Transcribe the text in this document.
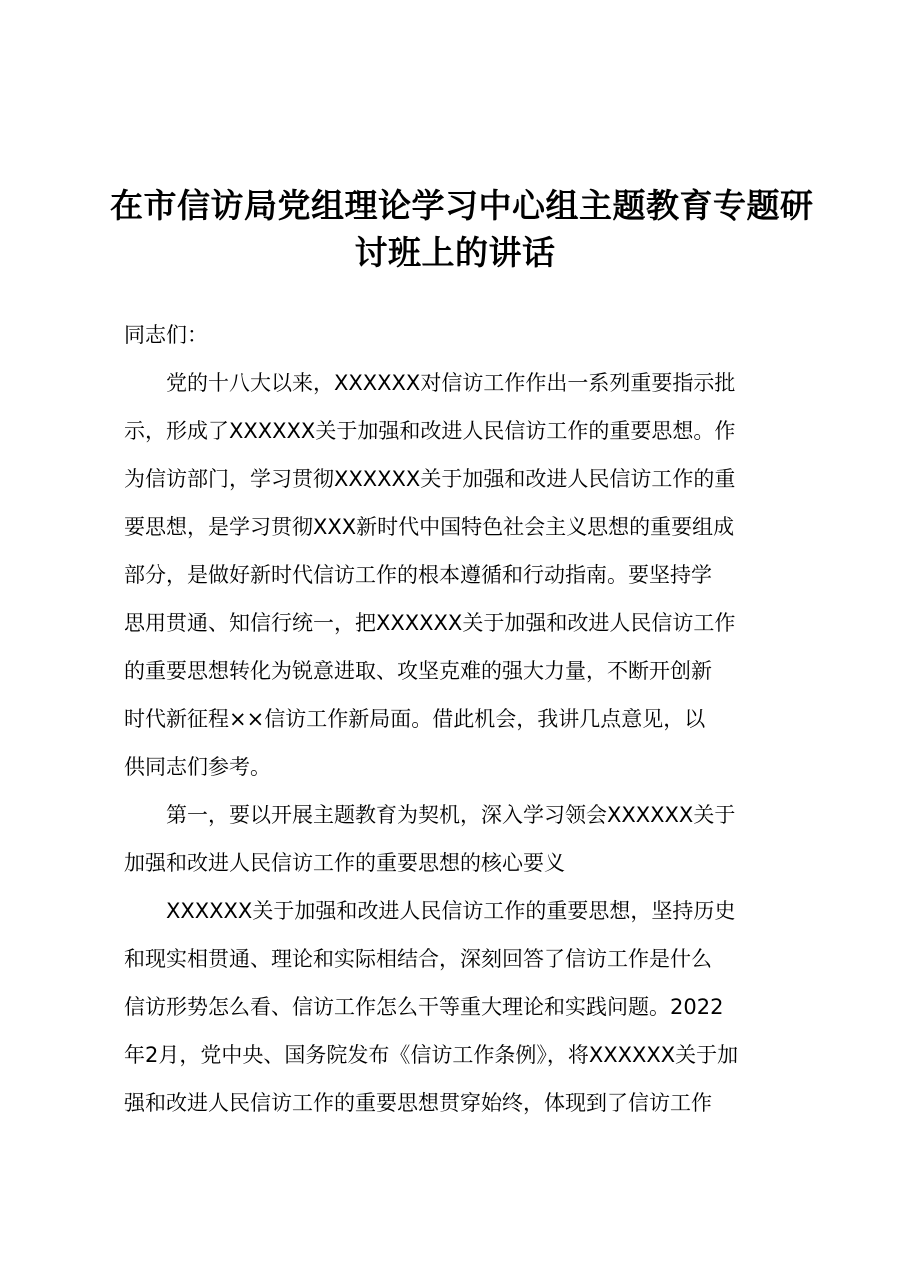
在市信访局党组理论学习中心组主题教育专题研
讨班上的讲话
同志们：
　　党的十八大以来，XXXXXX对信访工作作出一系列重要指示批
示，形成了XXXXXX关于加强和改进人民信访工作的重要思想。作
为信访部门，学习贯彻XXXXXX关于加强和改进人民信访工作的重
要思想，是学习贯彻XXX新时代中国特色社会主义思想的重要组成
部分，是做好新时代信访工作的根本遵循和行动指南。要坚持学
思用贯通、知信行统一，把XXXXXX关于加强和改进人民信访工作
的重要思想转化为锐意进取、攻坚克难的强大力量，不断开创新
时代新征程××信访工作新局面。借此机会，我讲几点意见，以
供同志们参考。
　　第一，要以开展主题教育为契机，深入学习领会XXXXXX关于
加强和改进人民信访工作的重要思想的核心要义
　　XXXXXX关于加强和改进人民信访工作的重要思想，坚持历史
和现实相贯通、理论和实际相结合，深刻回答了信访工作是什么
信访形势怎么看、信访工作怎么干等重大理论和实践问题。2022
年2月，党中央、国务院发布《信访工作条例》，将XXXXXX关于加
强和改进人民信访工作的重要思想贯穿始终，体现到了信访工作
